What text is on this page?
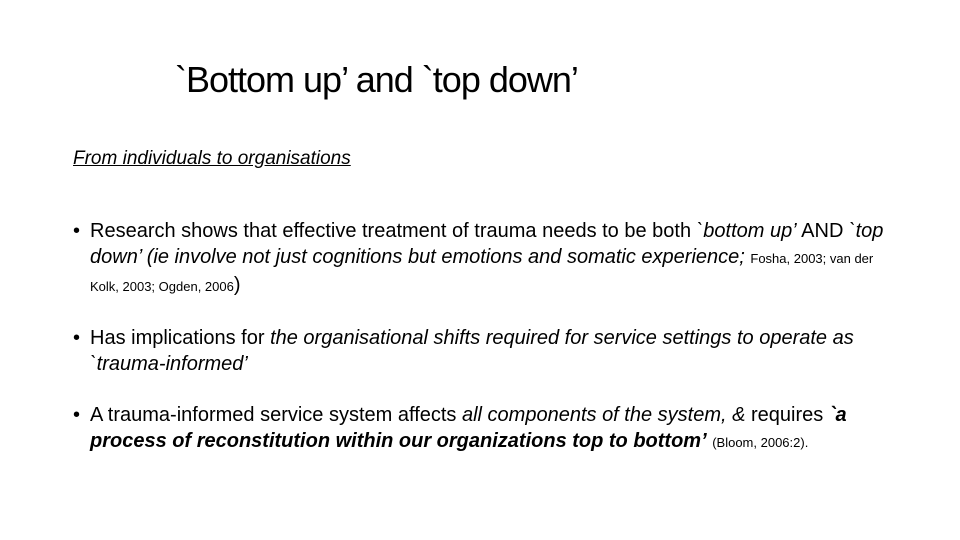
`Bottom up’ and `top down’
From individuals to organisations
• Research shows that effective treatment of trauma needs to be both `bottom up’ AND `top down’ (ie involve not just cognitions but emotions and somatic experience; Fosha, 2003; van der Kolk, 2003; Ogden, 2006)
• Has implications for the organisational shifts required for service settings to operate as `trauma-informed’
• A trauma-informed service system affects all components of the system, & requires `a process of reconstitution within our organizations top to bottom’ (Bloom, 2006:2).
